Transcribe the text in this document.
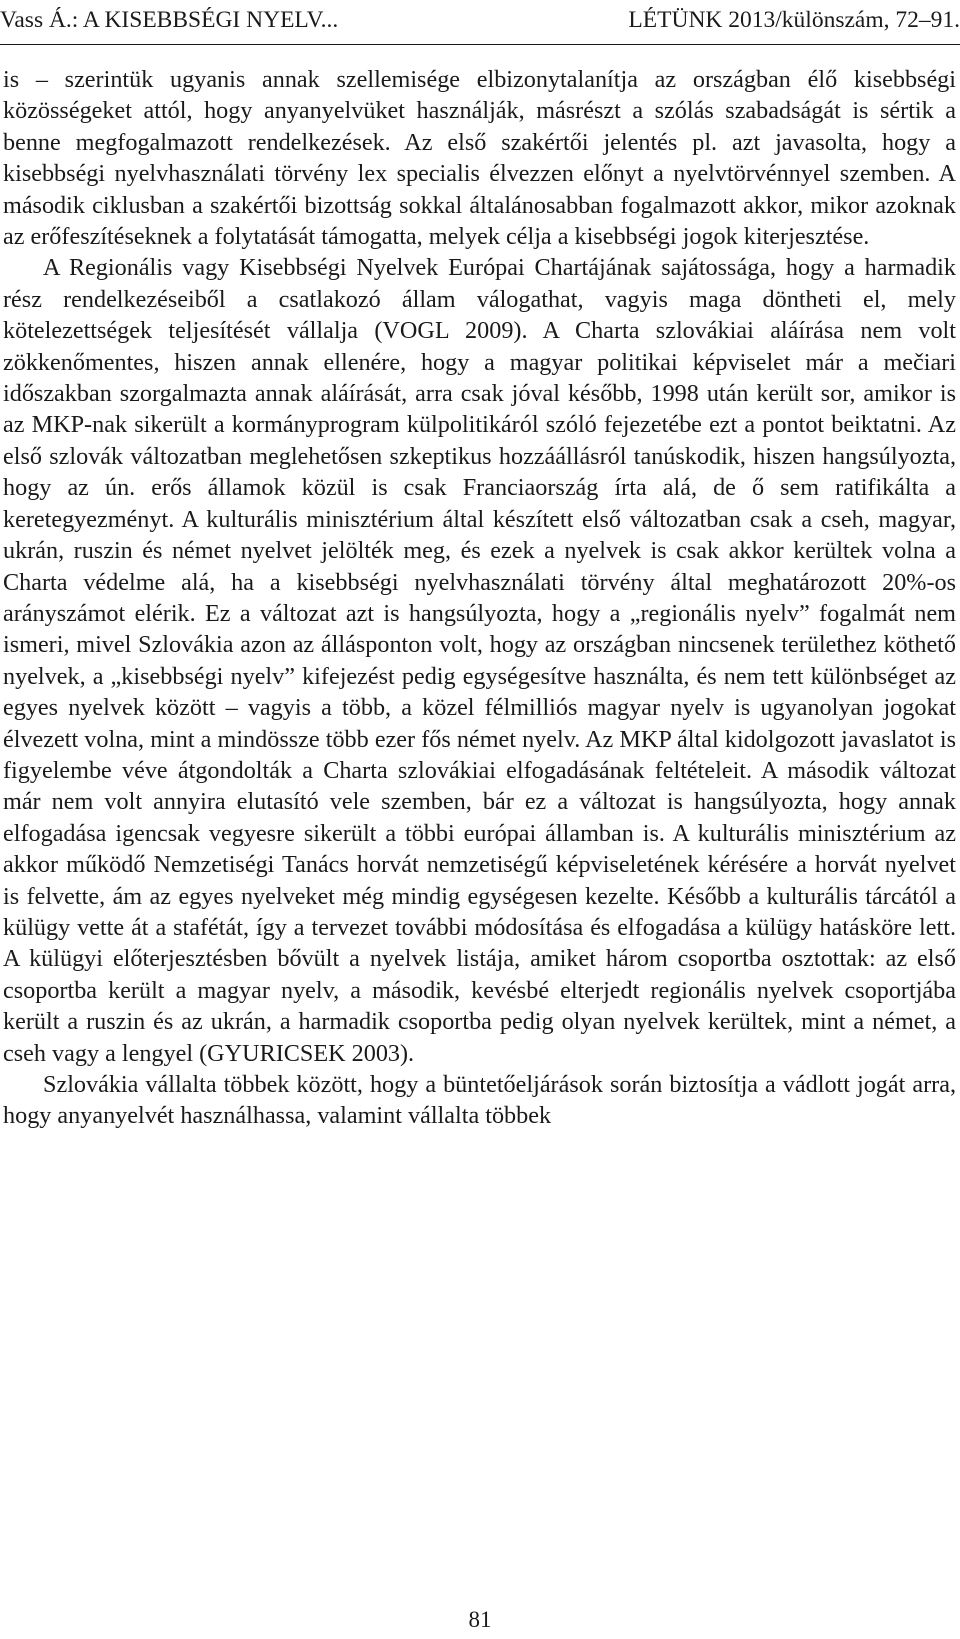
Vass Á.: A KISEBBSÉGI NYELV...	LÉTÜNK 2013/különszám, 72–91.

is – szerintük ugyanis annak szellemisége elbizonytalanítja az országban élő kisebbségi közösségeket attól, hogy anyanyelvüket használják, másrészt a szólás szabadságát is sértik a benne megfogalmazott rendelkezések. Az első szakértői jelentés pl. azt javasolta, hogy a kisebbségi nyelvhasználati törvény lex specialis élvezzen előnyt a nyelvtörvénnyel szemben. A második ciklusban a szakértői bizottság sokkal általánosabban fogalmazott akkor, mikor azoknak az erőfeszítéseknek a folytatását támogatta, melyek célja a kisebbségi jogok kiterjesztése.

A Regionális vagy Kisebbségi Nyelvek Európai Chartájának sajátossága, hogy a harmadik rész rendelkezéseiből a csatlakozó állam válogathat, vagyis maga döntheti el, mely kötelezettségek teljesítését vállalja (VOGL 2009). A Charta szlovákiai aláírása nem volt zökkenőmentes, hiszen annak ellenére, hogy a magyar politikai képviselet már a mečiari időszakban szorgalmazta annak aláírását, arra csak jóval később, 1998 után került sor, amikor is az MKP-nak sikerült a kormányprogram külpolitikáról szóló fejezetébe ezt a pontot beiktatni. Az első szlovák változatban meglehetősen szkeptikus hozzáállásról tanúskodik, hiszen hangsúlyozta, hogy az ún. erős államok közül is csak Franciaország írta alá, de ő sem ratifikálta a keretegyezményt. A kulturális minisztérium által készített első változatban csak a cseh, magyar, ukrán, ruszin és német nyelvet jelölték meg, és ezek a nyelvek is csak akkor kerültek volna a Charta védelme alá, ha a kisebbségi nyelvhasználati törvény által meghatározott 20%-os arányszámot elérik. Ez a változat azt is hangsúlyozta, hogy a „regionális nyelv” fogalmát nem ismeri, mivel Szlovákia azon az állásponton volt, hogy az országban nincsenek területhez köthető nyelvek, a „kisebbségi nyelv” kifejezést pedig egységesítve használta, és nem tett különbséget az egyes nyelvek között – vagyis a több, a közel félmilliós magyar nyelv is ugyanolyan jogokat élvezett volna, mint a mindössze több ezer fős német nyelv. Az MKP által kidolgozott javaslatot is figyelembe véve átgondolták a Charta szlovákiai elfogadásának feltételeit. A második változat már nem volt annyira elutasító vele szemben, bár ez a változat is hangsúlyozta, hogy annak elfogadása igencsak vegyesre sikerült a többi európai államban is. A kulturális minisztérium az akkor működő Nemzetiségi Tanács horvát nemzetiségű képviseletének kérésére a horvát nyelvet is felvette, ám az egyes nyelveket még mindig egységesen kezelte. Később a kulturális tárcától a külügy vette át a stafétát, így a tervezet további módosítása és elfogadása a külügy hatásköre lett. A külügyi előterjesztésben bővült a nyelvek listája, amiket három csoportba osztottak: az első csoportba került a magyar nyelv, a második, kevésbé elterjedt regionális nyelvek csoportjába került a ruszin és az ukrán, a harmadik csoportba pedig olyan nyelvek kerültek, mint a német, a cseh vagy a lengyel (GYURICSEK 2003).

Szlovákia vállalta többek között, hogy a büntetőeljárások során biztosítja a vádlott jogát arra, hogy anyanyelvét használhassa, valamint vállalta többek

81
